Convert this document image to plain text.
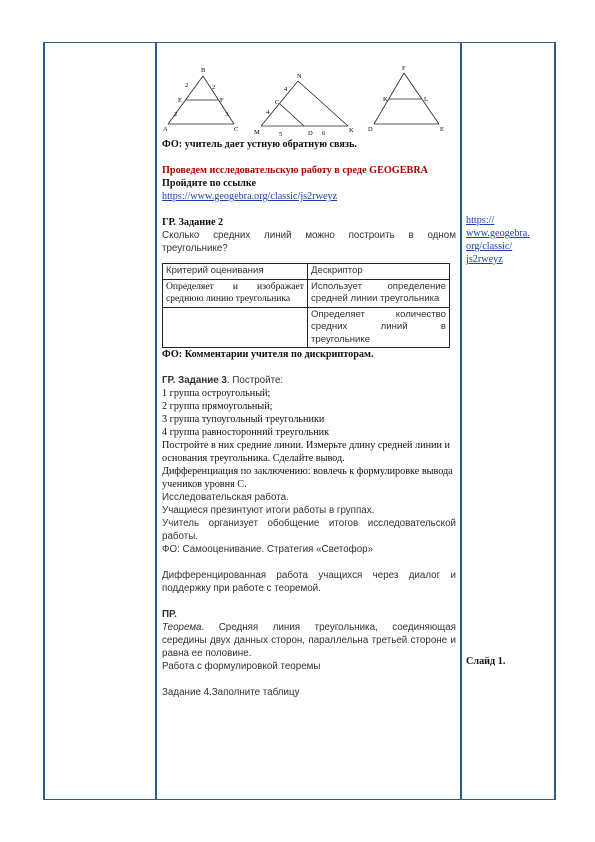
B
2
2
E	F
2
3
A	C
N
4
C
4
M	5	D 6	K
F
K	L
D	E

ФО: учитель дает устную обратную связь.

Проведем исследовательскую работу в среде GEOGEBRA

Пройдите по ссылке

https://www.geogebra.org/classic/js2rweyz

ГР. Задание 2

Сколько средних линий можно построить в одном треугольнике?

Критерий оценивания	Дескриптор
Определяет и изображает среднюю линию треугольника	Использует определение средней линии треугольника
	Определяет количество средних линий в треугольнике

ФО: Комментарии учителя по дискрипторам.

ГР. Задание 3. Постройте:

1 группа остроугольный;

2 группа прямоугольный;

3 группа тупоугольный треугольники

4 группа равносторонний треугольник

Постройте в них средние линии. Измерьте длину средней линии и основания треугольника. Сделайте вывод.

Дифференциация по заключению: вовлечь к формулировке вывода учеников уровня С.

Исследовательская работа.

Учащиеся презинтуют итоги работы в группах.

Учитель организует обобщение итогов исследовательской работы.

ФО: Самооценивание. Стратегия «Светофор»

Дифференцированная работа учащихся через диалог и поддержку при работе с теоремой.

ПР.

Теорема. Средняя линия треугольника, соединяющая середины двух данных сторон, параллельна третьей стороне и равна ее половине.

Работа с формулировкой теоремы

Задание 4.Заполните таблицу

https://
www.geogebra.
org/classic/
js2rweyz
Слайд 1.
